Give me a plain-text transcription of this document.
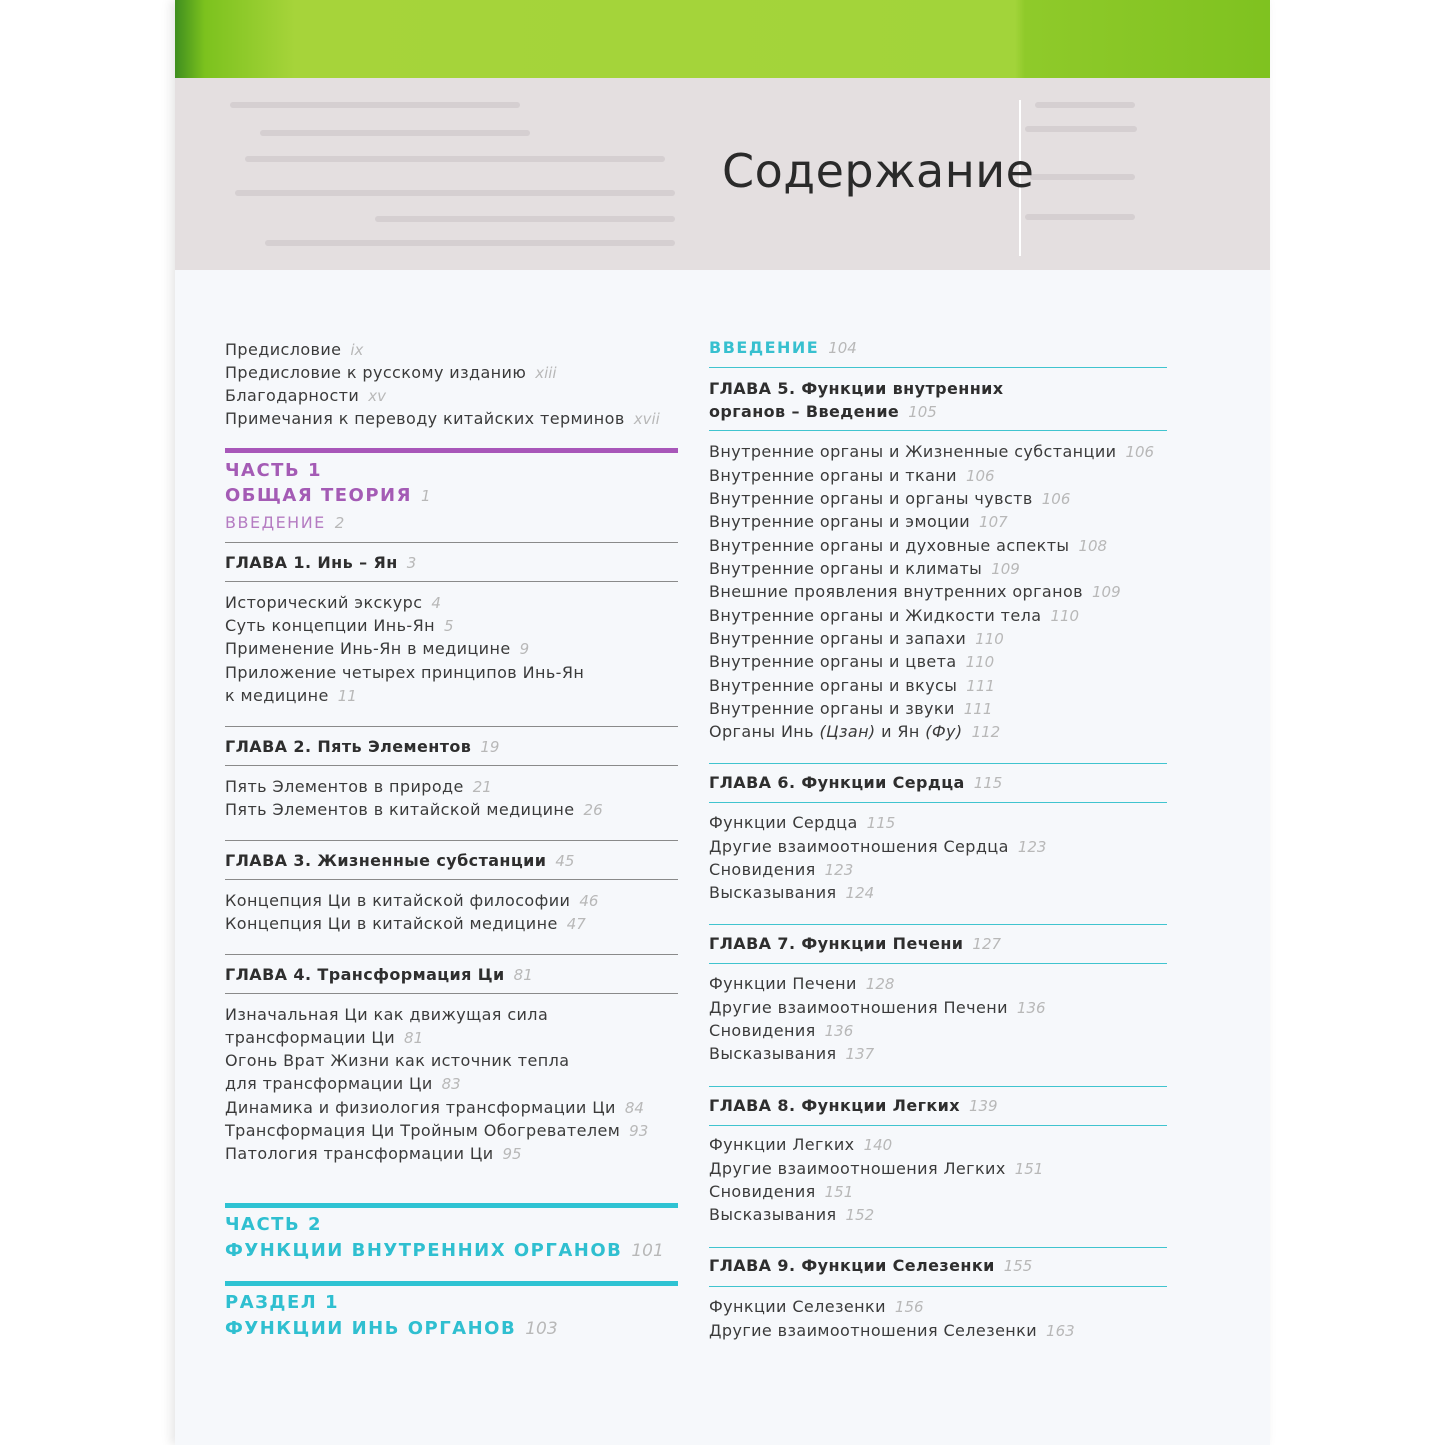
Содержание
Предисловие ix
Предисловие к русскому изданию xiii
Благодарности xv
Примечания к переводу китайских терминов xvii
ЧАСТЬ 1
ОБЩАЯ ТЕОРИЯ 1
ВВЕДЕНИЕ 2
ГЛАВА 1. Инь – Ян 3
Исторический экскурс 4
Суть концепции Инь-Ян 5
Применение Инь-Ян в медицине 9
Приложение четырех принципов Инь-Ян
к медицине 11
ГЛАВА 2. Пять Элементов 19
Пять Элементов в природе 21
Пять Элементов в китайской медицине 26
ГЛАВА 3. Жизненные субстанции 45
Концепция Ци в китайской философии 46
Концепция Ци в китайской медицине 47
ГЛАВА 4. Трансформация Ци 81
Изначальная Ци как движущая сила
трансформации Ци 81
Огонь Врат Жизни как источник тепла
для трансформации Ци 83
Динамика и физиология трансформации Ци 84
Трансформация Ци Тройным Обогревателем 93
Патология трансформации Ци 95
ЧАСТЬ 2
ФУНКЦИИ ВНУТРЕННИХ ОРГАНОВ 101
РАЗДЕЛ 1
ФУНКЦИИ ИНЬ ОРГАНОВ 103
ВВЕДЕНИЕ 104
ГЛАВА 5. Функции внутренних
органов – Введение 105
Внутренние органы и Жизненные субстанции 106
Внутренние органы и ткани 106
Внутренние органы и органы чувств 106
Внутренние органы и эмоции 107
Внутренние органы и духовные аспекты 108
Внутренние органы и климаты 109
Внешние проявления внутренних органов 109
Внутренние органы и Жидкости тела 110
Внутренние органы и запахи 110
Внутренние органы и цвета 110
Внутренние органы и вкусы 111
Внутренние органы и звуки 111
Органы Инь (Цзан) и Ян (Фу) 112
ГЛАВА 6. Функции Сердца 115
Функции Сердца 115
Другие взаимоотношения Сердца 123
Сновидения 123
Высказывания 124
ГЛАВА 7. Функции Печени 127
Функции Печени 128
Другие взаимоотношения Печени 136
Сновидения 136
Высказывания 137
ГЛАВА 8. Функции Легких 139
Функции Легких 140
Другие взаимоотношения Легких 151
Сновидения 151
Высказывания 152
ГЛАВА 9. Функции Селезенки 155
Функции Селезенки 156
Другие взаимоотношения Селезенки 163
